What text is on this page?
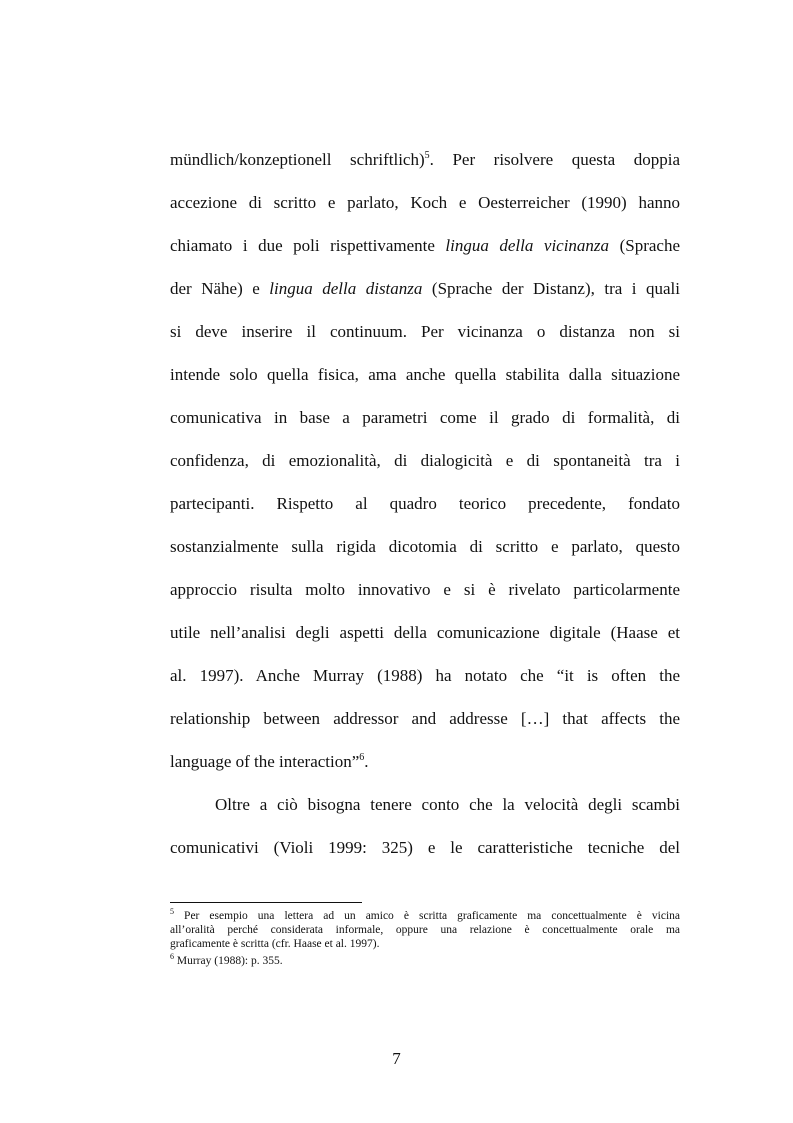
mündlich/konzeptionell schriftlich)$^5$. Per risolvere questa doppia
accezione di scritto e parlato, Koch e Oesterreicher (1990) hanno
chiamato i due poli rispettivamente lingua della vicinanza (Sprache
der Nähe) e lingua della distanza (Sprache der Distanz), tra i quali
si deve inserire il continuum. Per vicinanza o distanza non si
intende solo quella fisica, ama anche quella stabilita dalla situazione
comunicativa in base a parametri come il grado di formalità, di
confidenza, di emozionalità, di dialogicità e di spontaneità tra i
partecipanti. Rispetto al quadro teorico precedente, fondato
sostanzialmente sulla rigida dicotomia di scritto e parlato, questo
approccio risulta molto innovativo e si è rivelato particolarmente
utile nell’analisi degli aspetti della comunicazione digitale (Haase et
al. 1997). Anche Murray (1988) ha notato che “it is often the
relationship between addressor and addresse […] that affects the
language of the interaction”$^6$.
Oltre a ciò bisogna tenere conto che la velocità degli scambi
comunicativi (Violi 1999: 325) e le caratteristiche tecniche del
$^5$ Per esempio una lettera ad un amico è scritta graficamente ma concettualmente è vicina
all’oralità perché considerata informale, oppure una relazione è concettualmente orale ma
graficamente è scritta (cfr. Haase et al. 1997).
$^6$ Murray (1988): p. 355.
7
